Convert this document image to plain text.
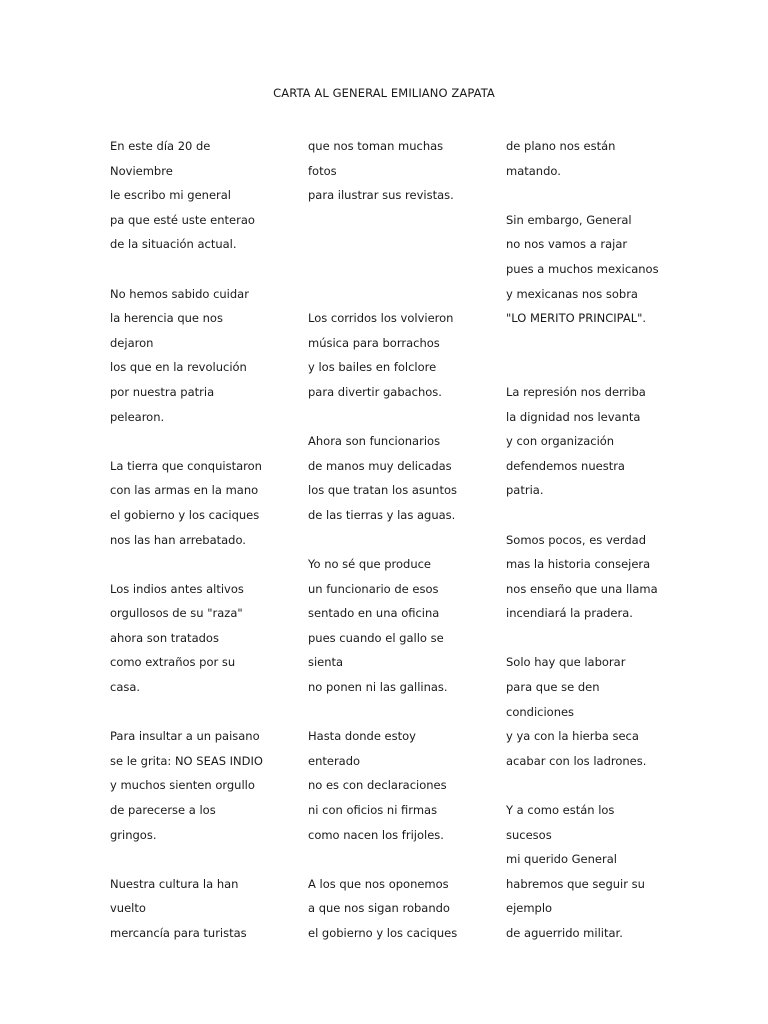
CARTA AL GENERAL EMILIANO ZAPATA
En este día 20 de
Noviembre
le escribo mi general
pa que esté uste enterao
de la situación actual.
No hemos sabido cuidar
la herencia que nos
dejaron
los que en la revolución
por nuestra patria
pelearon.
La tierra que conquistaron
con las armas en la mano
el gobierno y los caciques
nos las han arrebatado.
Los indios antes altivos
orgullosos de su "raza"
ahora son tratados
como extraños por su
casa.
Para insultar a un paisano
se le grita: NO SEAS INDIO
y muchos sienten orgullo
de parecerse a los
gringos.
Nuestra cultura la han
vuelto
mercancía para turistas
que nos toman muchas
fotos
para ilustrar sus revistas.
Los corridos los volvieron
música para borrachos
y los bailes en folclore
para divertir gabachos.
Ahora son funcionarios
de manos muy delicadas
los que tratan los asuntos
de las tierras y las aguas.
Yo no sé que produce
un funcionario de esos
sentado en una oficina
pues cuando el gallo se
sienta
no ponen ni las gallinas.
Hasta donde estoy
enterado
no es con declaraciones
ni con oficios ni firmas
como nacen los frijoles.
A los que nos oponemos
a que nos sigan robando
el gobierno y los caciques
de plano nos están
matando.
Sin embargo, General
no nos vamos a rajar
pues a muchos mexicanos
y mexicanas nos sobra
"LO MERITO PRINCIPAL".
La represión nos derriba
la dignidad nos levanta
y con organización
defendemos nuestra
patria.
Somos pocos, es verdad
mas la historia consejera
nos enseño que una llama
incendiará la pradera.
Solo hay que laborar
para que se den
condiciones
y ya con la hierba seca
acabar con los ladrones.
Y a como están los
sucesos
mi querido General
habremos que seguir su
ejemplo
de aguerrido militar.
